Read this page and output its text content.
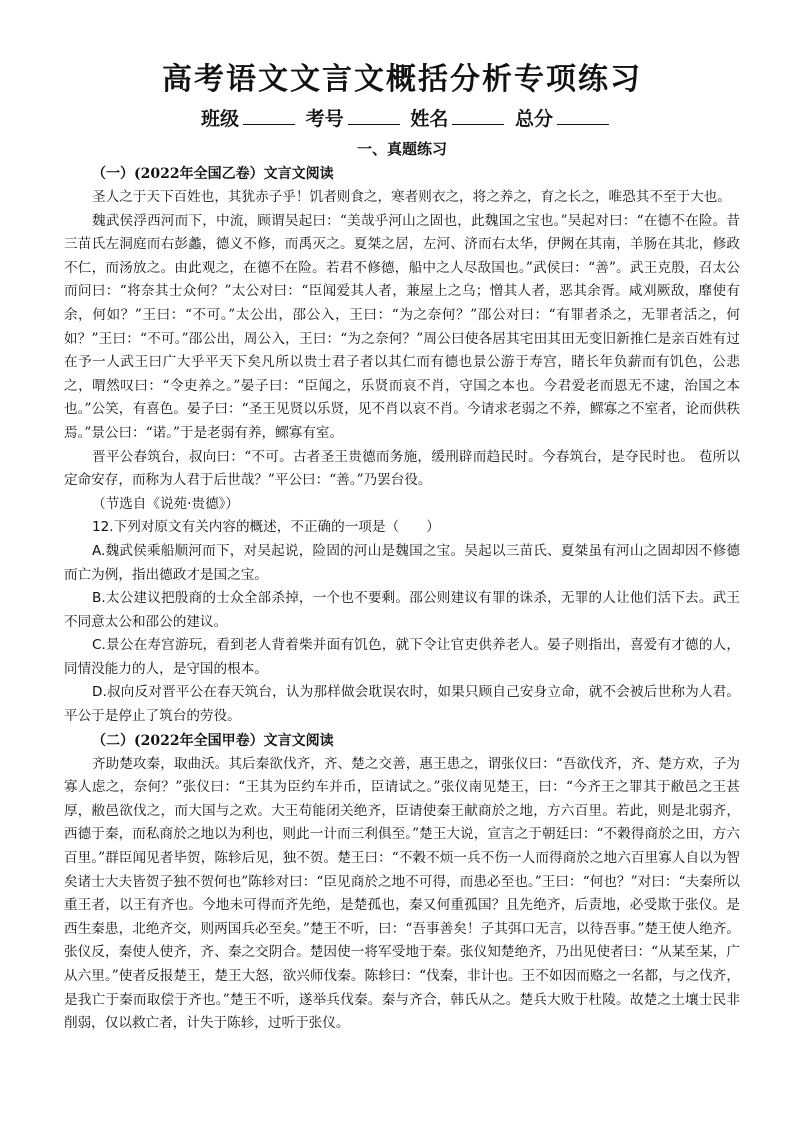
高考语文文言文概括分析专项练习

班级	考号	姓名	总分

一、真题练习

（一）(2022年全国乙卷）文言文阅读

圣人之于天下百姓也，其犹赤子乎！饥者则食之，寒者则衣之，将之养之，育之长之，唯恐其不至于大也。

魏武侯浮西河而下，中流，顾谓吴起曰：“美哉乎河山之固也，此魏国之宝也。”吴起对曰：“在德不在险。昔三苗氏左洞庭而右彭蠡，德义不修，而禹灭之。夏桀之居，左河、济而右太华，伊阙在其南，羊肠在其北，修政不仁，而汤放之。由此观之，在德不在险。若君不修德，船中之人尽敌国也。”武侯曰：“善”。武王克殷，召太公而问曰：“将奈其士众何？”太公对曰：“臣闻爱其人者，兼屋上之乌；憎其人者，恶其余胥。咸刈厥敌，靡使有余，何如？”王曰：“不可。”太公出，邵公入，王曰：“为之奈何？”邵公对曰：“有罪者杀之，无罪者活之，何如？”王曰：“不可。”邵公出，周公入，王曰：“为之奈何？”周公曰使各居其宅田其田无变旧新推仁是亲百姓有过在予一人武王曰广大乎平天下矣凡所以贵士君子者以其仁而有德也景公游于寿宫，睹长年负薪而有饥色，公悲之，喟然叹曰：“令吏养之。”晏子曰：“臣闻之，乐贤而哀不肖，守国之本也。今君爱老而恩无不逮，治国之本也。”公笑，有喜色。晏子曰：“圣王见贤以乐贤，见不肖以哀不肖。今请求老弱之不养，鳏寡之不室者，论而供秩焉。”景公曰：“诺。”于是老弱有养，鳏寡有室。

晋平公春筑台，叔向曰：“不可。古者圣王贵德而务施，缓刑辟而趋民时。今春筑台，是夺民时也。 苞所以定命安存，而称为人君于后世哉？”平公曰：“善。”乃罢台役。

（节选自《说苑·贵德》）

12.下列对原文有关内容的概述，不正确的一项是（　　）

A.魏武侯乘船顺河而下，对吴起说，险固的河山是魏国之宝。吴起以三苗氏、夏桀虽有河山之固却因不修德而亡为例，指出德政才是国之宝。

B.太公建议把殷商的士众全部杀掉，一个也不要剩。邵公则建议有罪的诛杀，无罪的人让他们活下去。武王不同意太公和邵公的建议。

C.景公在寿宫游玩，看到老人背着柴并面有饥色，就下令让官吏供养老人。晏子则指出，喜爱有才德的人，同情没能力的人，是守国的根本。

D.叔向反对晋平公在春天筑台，认为那样做会耽误农时，如果只顾自己安身立命，就不会被后世称为人君。平公于是停止了筑台的劳役。

（二）(2022年全国甲卷）文言文阅读

齐助楚攻秦，取曲沃。其后秦欲伐齐，齐、楚之交善，惠王患之，谓张仪曰：“吾欲伐齐，齐、楚方欢，子为寡人虑之，奈何？”张仪曰：“王其为臣约车并币，臣请试之。”张仪南见楚王，曰：“今齐王之罪其于敝邑之王甚厚，敝邑欲伐之，而大国与之欢。大王苟能闭关绝齐，臣请使秦王献商於之地，方六百里。若此，则是北弱齐，西德于秦，而私商於之地以为利也，则此一计而三利俱至。”楚王大说，宣言之于朝廷曰：“不穀得商於之田，方六百里。”群臣闻见者毕贺，陈轸后见，独不贺。楚王曰：“不穀不烦一兵不伤一人而得商於之地六百里寡人自以为智矣诸士大夫皆贺子独不贺何也”陈轸对曰：“臣见商於之地不可得，而患必至也。”王曰：“何也？”对曰：“夫秦所以重王者，以王有齐也。今地未可得而齐先绝，是楚孤也，秦又何重孤国？且先绝齐，后责地，必受欺于张仪。是西生秦患，北绝齐交，则两国兵必至矣。”楚王不听，曰：“吾事善矣！子其弭口无言，以待吾事。”楚王使人绝齐。张仪反，秦使人使齐，齐、秦之交阴合。楚因使一将军受地于秦。张仪知楚绝齐，乃出见使者曰：“从某至某，广从六里。”使者反报楚王，楚王大怒，欲兴师伐秦。陈轸曰：“伐秦，非计也。王不如因而赂之一名都，与之伐齐，是我亡于秦而取偿于齐也。”楚王不听，遂举兵伐秦。秦与齐合，韩氏从之。楚兵大败于杜陵。故楚之土壤士民非削弱，仅以救亡者，计失于陈轸，过听于张仪。
